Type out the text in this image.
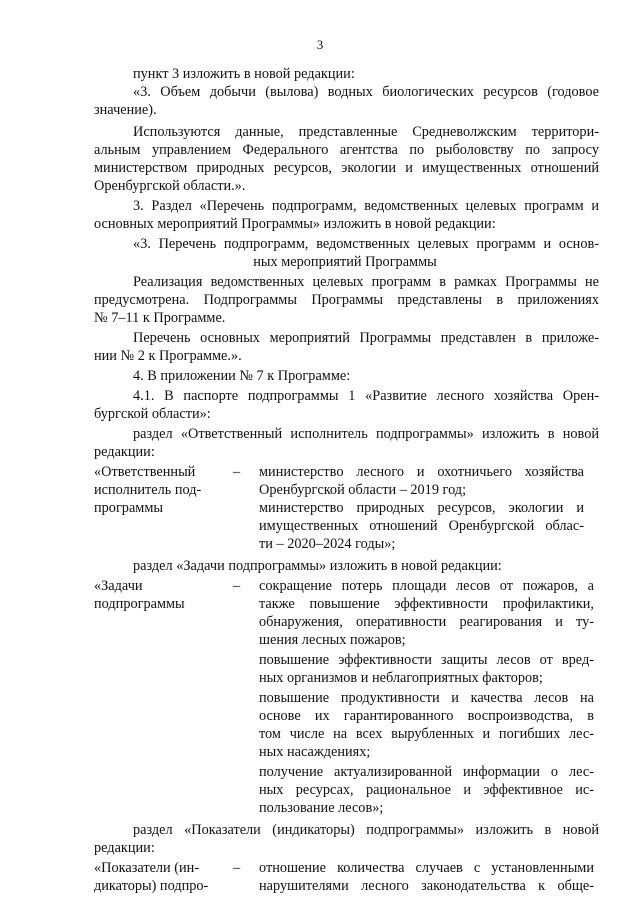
3
пункт 3 изложить в новой редакции:
«3. Объем добычи (вылова) водных биологических ресурсов (годовое
значение).
Используются данные, представленные Средневолжским территори-
альным управлением Федерального агентства по рыболовству по запросу
министерством природных ресурсов, экологии и имущественных отношений
Оренбургской области.».
3. Раздел «Перечень подпрограмм, ведомственных целевых программ и
основных мероприятий Программы» изложить в новой редакции:
«3. Перечень подпрограмм, ведомственных целевых программ и основ-
ных мероприятий Программы
Реализация ведомственных целевых программ в рамках Программы не
предусмотрена. Подпрограммы Программы представлены в приложениях
№ 7–11 к Программе.
Перечень основных мероприятий Программы представлен в приложе-
нии № 2 к Программе.».
4. В приложении № 7 к Программе:
4.1. В паспорте подпрограммы 1 «Развитие лесного хозяйства Орен-
бургской области»:
раздел «Ответственный исполнитель подпрограммы» изложить в новой
редакции:
«Ответственный
исполнитель под-
программы
– министерство лесного и охотничьего хозяйства
Оренбургской области – 2019 год;
министерство природных ресурсов, экологии и
имущественных отношений Оренбургской облас-
ти – 2020–2024 годы»;
раздел «Задачи подпрограммы» изложить в новой редакции:
«Задачи
подпрограммы
– сокращение потерь площади лесов от пожаров, а
также повышение эффективности профилактики,
обнаружения, оперативности реагирования и ту-
шения лесных пожаров;
повышение эффективности защиты лесов от вред-
ных организмов и неблагоприятных факторов;
повышение продуктивности и качества лесов на
основе их гарантированного воспроизводства, в
том числе на всех вырубленных и погибших лес-
ных насаждениях;
получение актуализированной информации о лес-
ных ресурсах, рациональное и эффективное ис-
пользование лесов»;
раздел «Показатели (индикаторы) подпрограммы» изложить в новой
редакции:
«Показатели (ин-
дикаторы) подпро-
– отношение количества случаев с установленными
нарушителями лесного законодательства к обще-
